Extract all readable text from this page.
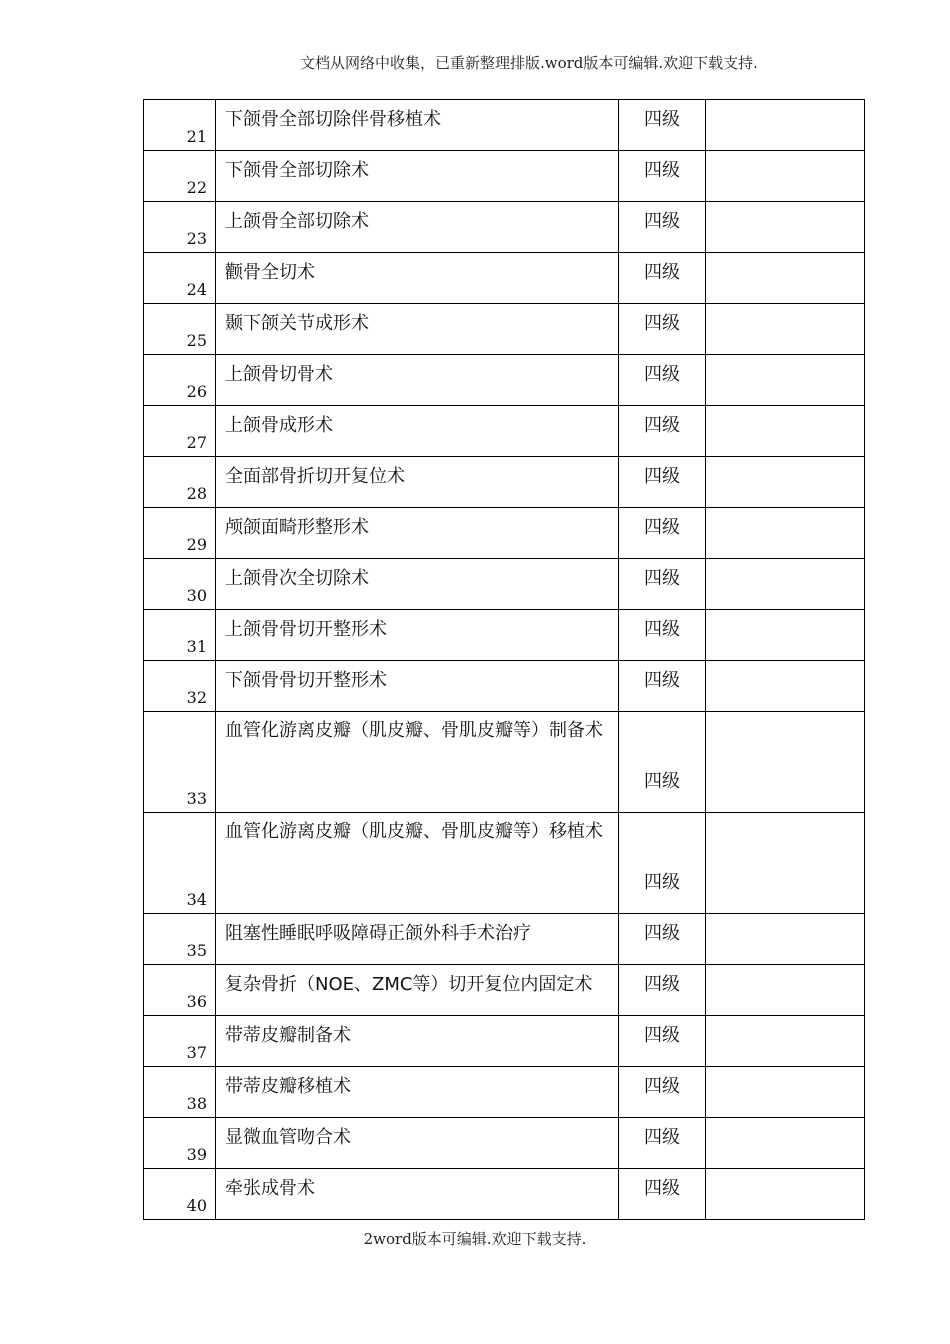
文档从网络中收集，已重新整理排版.word版本可编辑.欢迎下载支持.
21	下颌骨全部切除伴骨移植术	四级	

22	下颌骨全部切除术	四级	

23	上颌骨全部切除术	四级	

24	颧骨全切术	四级	

25	颞下颌关节成形术	四级	

26	上颌骨切骨术	四级	

27	上颌骨成形术	四级	

28	全面部骨折切开复位术	四级	

29	颅颌面畸形整形术	四级	

30	上颌骨次全切除术	四级	

31	上颌骨骨切开整形术	四级	

32	下颌骨骨切开整形术	四级	

33	血管化游离皮瓣（肌皮瓣、骨肌皮瓣等）制备术	四级	

34	血管化游离皮瓣（肌皮瓣、骨肌皮瓣等）移植术	四级	

35	阻塞性睡眠呼吸障碍正颌外科手术治疗	四级	

36	复杂骨折（NOE、ZMC等）切开复位内固定术	四级	

37	带蒂皮瓣制备术	四级	

38	带蒂皮瓣移植术	四级	

39	显微血管吻合术	四级	

40	牵张成骨术	四级	

2word版本可编辑.欢迎下载支持.
